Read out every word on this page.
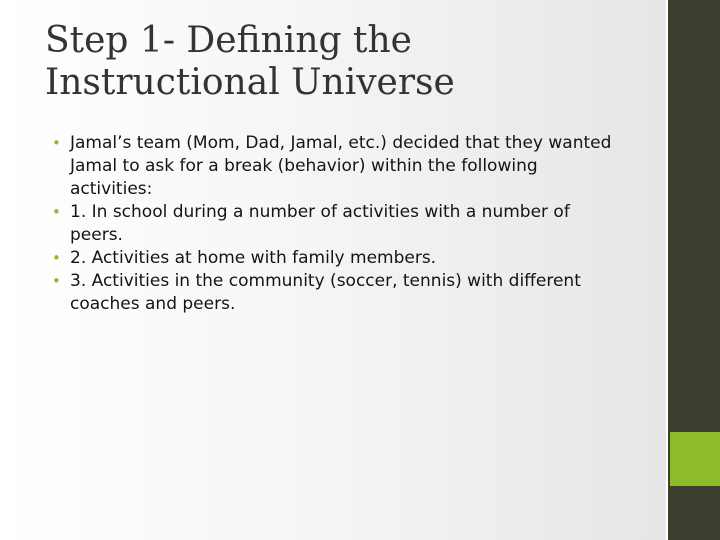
Step 1- Defining the
Instructional Universe
• Jamal’s team (Mom, Dad, Jamal, etc.) decided that they wanted Jamal to ask for a break (behavior) within the following activities:
• 1. In school during a number of activities with a number of peers.
• 2. Activities at home with family members.
• 3. Activities in the community (soccer, tennis) with different coaches and peers.
